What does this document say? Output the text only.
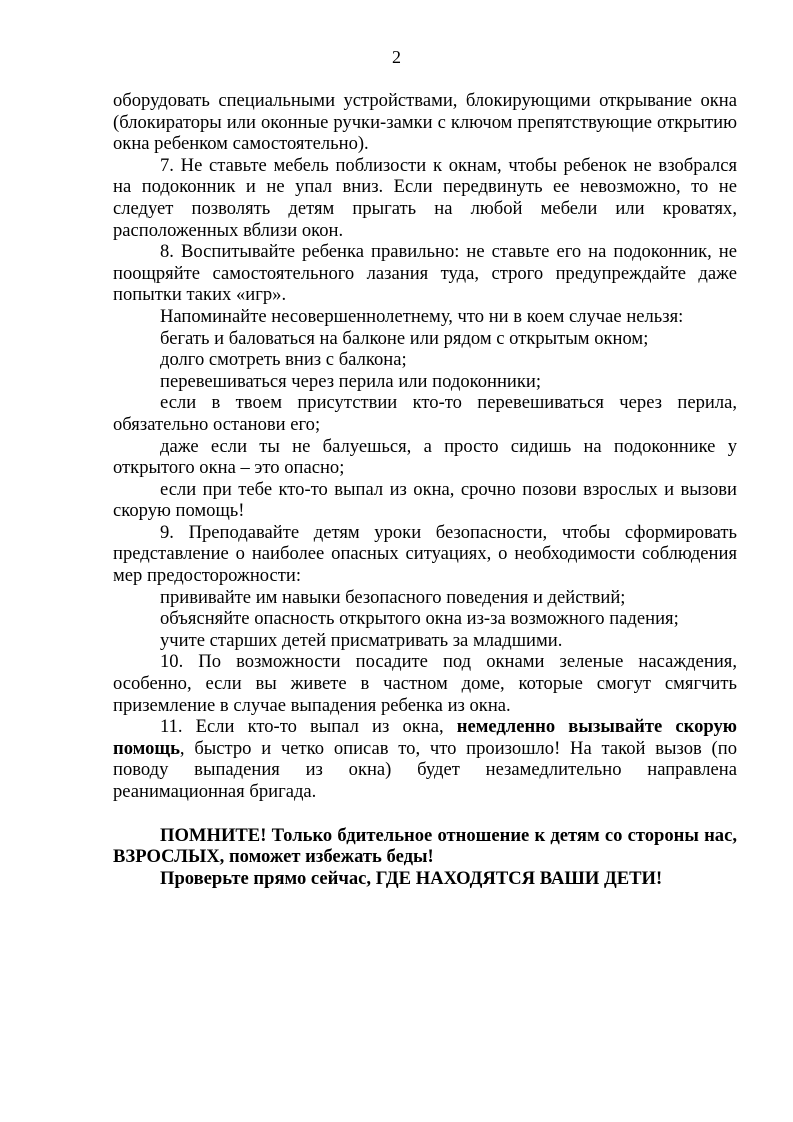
2

оборудовать специальными устройствами, блокирующими открывание окна (блокираторы или оконные ручки-замки с ключом препятствующие открытию окна ребенком самостоятельно).

7. Не ставьте мебель поблизости к окнам, чтобы ребенок не взобрался на подоконник и не упал вниз. Если передвинуть ее невозможно, то не следует позволять детям прыгать на любой мебели или кроватях, расположенных вблизи окон.

8. Воспитывайте ребенка правильно: не ставьте его на подоконник, не поощряйте самостоятельного лазания туда, строго предупреждайте даже попытки таких «игр».

Напоминайте несовершеннолетнему, что ни в коем случае нельзя:

бегать и баловаться на балконе или рядом с открытым окном;

долго смотреть вниз с балкона;

перевешиваться через перила или подоконники;

если в твоем присутствии кто-то перевешиваться через перила, обязательно останови его;

даже если ты не балуешься, а просто сидишь на подоконнике у открытого окна – это опасно;

если при тебе кто-то выпал из окна, срочно позови взрослых и вызови скорую помощь!

9. Преподавайте детям уроки безопасности, чтобы сформировать представление о наиболее опасных ситуациях, о необходимости соблюдения мер предосторожности:

прививайте им навыки безопасного поведения и действий;

объясняйте опасность открытого окна из-за возможного падения;

учите старших детей присматривать за младшими.

10. По возможности посадите под окнами зеленые насаждения, особенно, если вы живете в частном доме, которые смогут смягчить приземление в случае выпадения ребенка из окна.

11. Если кто-то выпал из окна, немедленно вызывайте скорую помощь, быстро и четко описав то, что произошло! На такой вызов (по поводу выпадения из окна) будет незамедлительно направлена реанимационная бригада.

ПОМНИТЕ! Только бдительное отношение к детям со стороны нас, ВЗРОСЛЫХ, поможет избежать беды!

Проверьте прямо сейчас, ГДЕ НАХОДЯТСЯ ВАШИ ДЕТИ!
